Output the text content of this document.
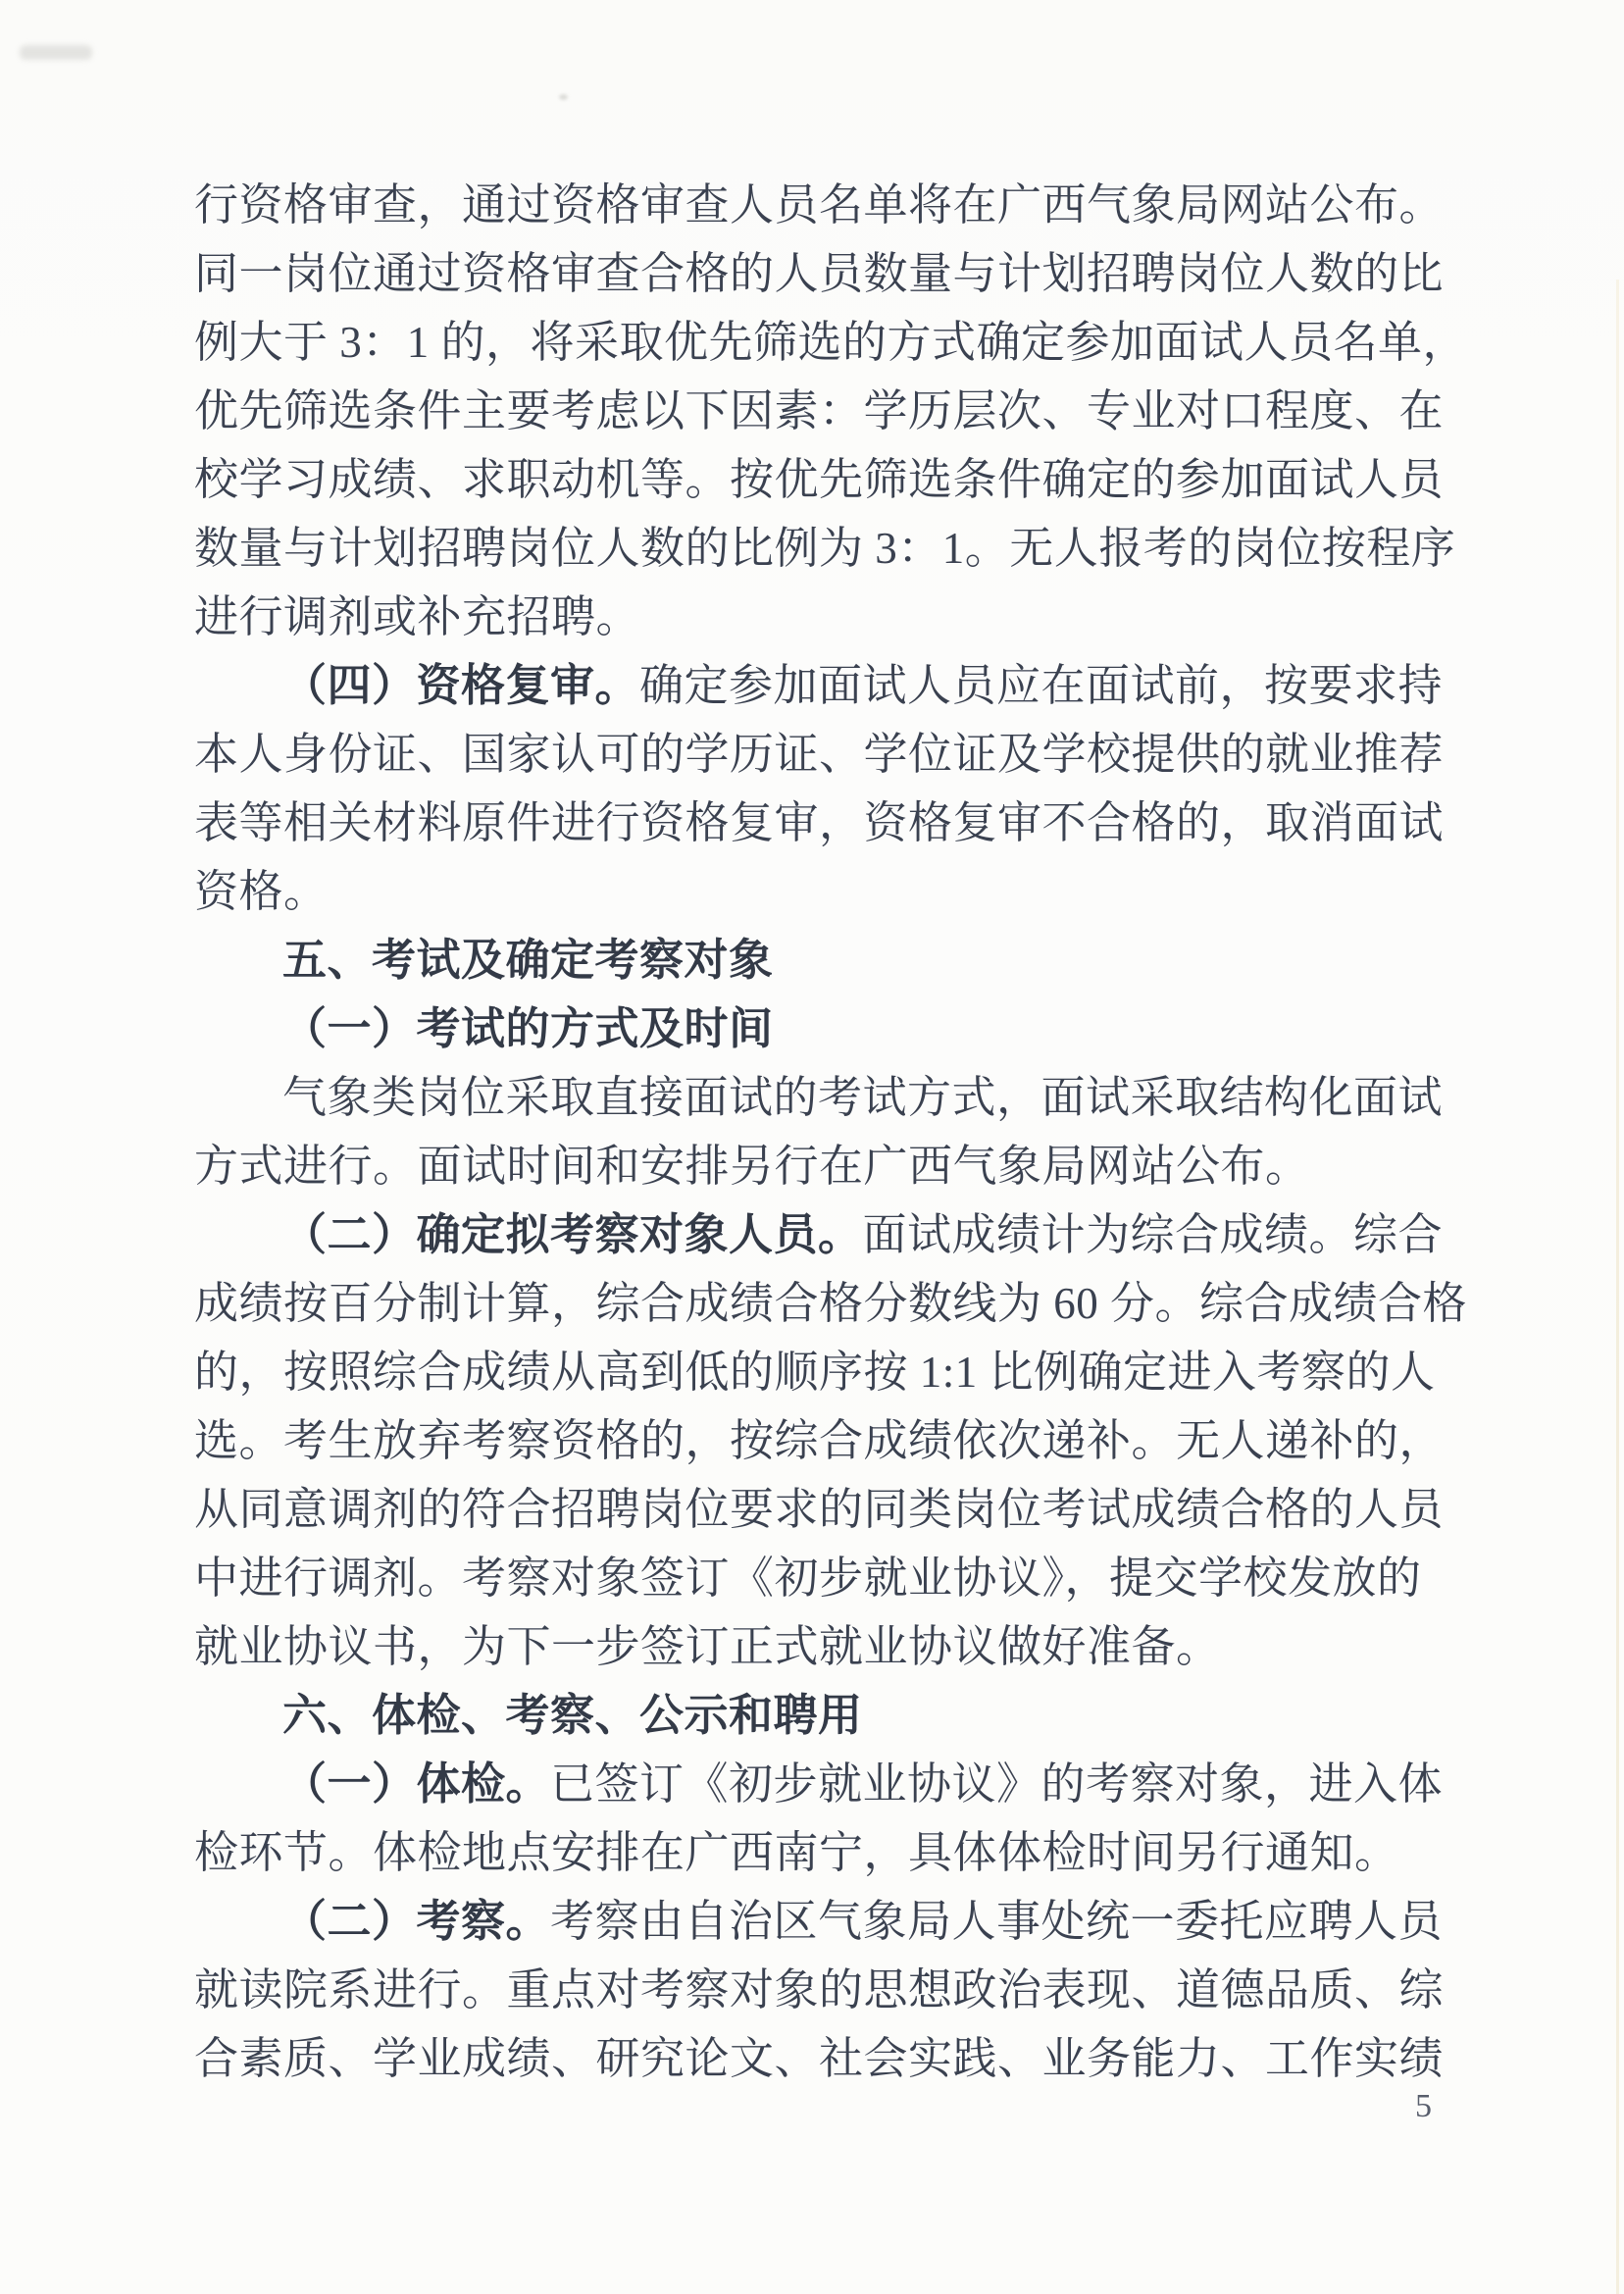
行资格审查，通过资格审查人员名单将在广西气象局网站公布。
同一岗位通过资格审查合格的人员数量与计划招聘岗位人数的比
例大于 3：1 的，将采取优先筛选的方式确定参加面试人员名单，
优先筛选条件主要考虑以下因素：学历层次、专业对口程度、在
校学习成绩、求职动机等。按优先筛选条件确定的参加面试人员
数量与计划招聘岗位人数的比例为 3：1。无人报考的岗位按程序
进行调剂或补充招聘。
（四）资格复审。确定参加面试人员应在面试前，按要求持
本人身份证、国家认可的学历证、学位证及学校提供的就业推荐
表等相关材料原件进行资格复审，资格复审不合格的，取消面试
资格。
五、考试及确定考察对象
（一）考试的方式及时间
气象类岗位采取直接面试的考试方式，面试采取结构化面试
方式进行。面试时间和安排另行在广西气象局网站公布。
（二）确定拟考察对象人员。面试成绩计为综合成绩。综合
成绩按百分制计算，综合成绩合格分数线为 60 分。综合成绩合格
的，按照综合成绩从高到低的顺序按 1:1 比例确定进入考察的人
选。考生放弃考察资格的，按综合成绩依次递补。无人递补的，
从同意调剂的符合招聘岗位要求的同类岗位考试成绩合格的人员
中进行调剂。考察对象签订《初步就业协议》，提交学校发放的
就业协议书，为下一步签订正式就业协议做好准备。
六、体检、考察、公示和聘用
（一）体检。已签订《初步就业协议》的考察对象，进入体
检环节。体检地点安排在广西南宁，具体体检时间另行通知。
（二）考察。考察由自治区气象局人事处统一委托应聘人员
就读院系进行。重点对考察对象的思想政治表现、道德品质、综
合素质、学业成绩、研究论文、社会实践、业务能力、工作实绩
5
